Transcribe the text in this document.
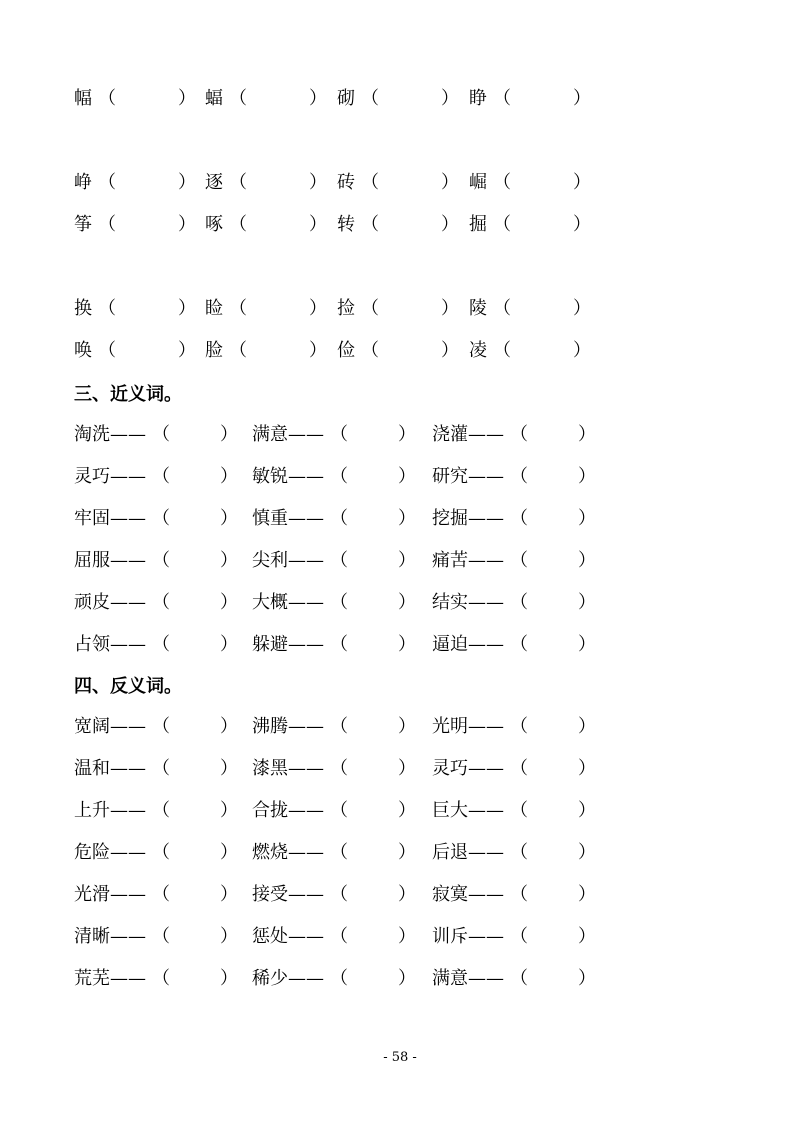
幅 （	） 蝠 （	） 砌 （	） 睁 （	）
峥 （	） 逐 （	） 砖 （	） 崛 （	）
筝 （	） 啄 （	） 转 （	） 掘 （	）
换 （	） 睑 （	） 捡 （	） 陵 （	）
唤 （	） 脸 （	） 俭 （	） 凌 （	）
三、近义词。
淘洗—— （	） 满意—— （	） 浇灌—— （	）
灵巧—— （	） 敏锐—— （	） 研究—— （	）
牢固—— （	） 慎重—— （	） 挖掘—— （	）
屈服—— （	） 尖利—— （	） 痛苦—— （	）
顽皮—— （	） 大概—— （	） 结实—— （	）
占领—— （	） 躲避—— （	） 逼迫—— （	）
四、反义词。
宽阔—— （	） 沸腾—— （	） 光明—— （	）
温和—— （	） 漆黑—— （	） 灵巧—— （	）
上升—— （	） 合拢—— （	） 巨大—— （	）
危险—— （	） 燃烧—— （	） 后退—— （	）
光滑—— （	） 接受—— （	） 寂寞—— （	）
清晰—— （	） 惩处—— （	） 训斥—— （	）
荒芜—— （	） 稀少—— （	） 满意—— （	）
- 58 -
